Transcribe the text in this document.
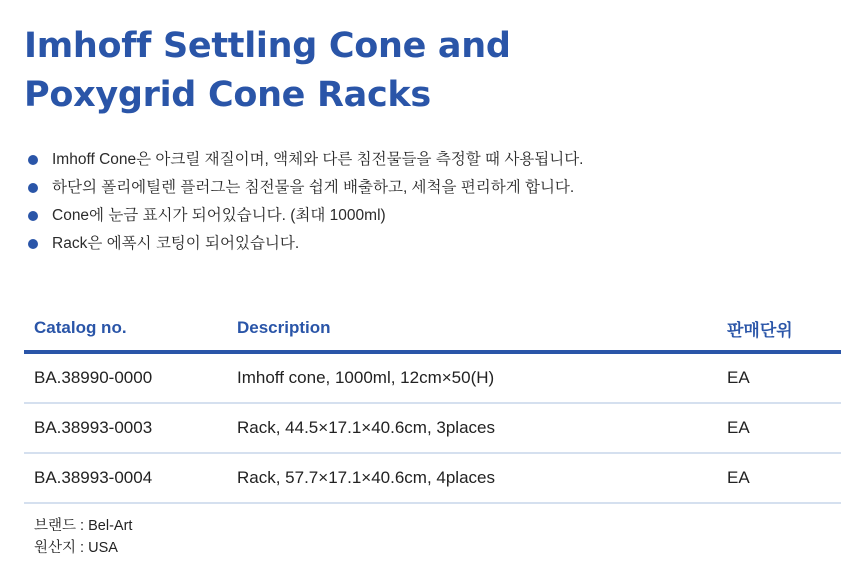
Imhoff Settling Cone and
Poxygrid Cone Racks
Imhoff Cone은 아크릴 재질이며, 액체와 다른 침전물들을 측정할 때 사용됩니다.
하단의 폴리에틸렌 플러그는 침전물을 쉽게 배출하고, 세척을 편리하게 합니다.
Cone에 눈금 표시가 되어있습니다. (최대 1000ml)
Rack은 에폭시 코팅이 되어있습니다.
Catalog no.	Description	판매단위
BA.38990-0000	Imhoff cone, 1000ml, 12cm×50(H)	EA
BA.38993-0003	Rack, 44.5×17.1×40.6cm, 3places	EA
BA.38993-0004	Rack, 57.7×17.1×40.6cm, 4places	EA
브랜드 : Bel-Art
원산지 : USA
